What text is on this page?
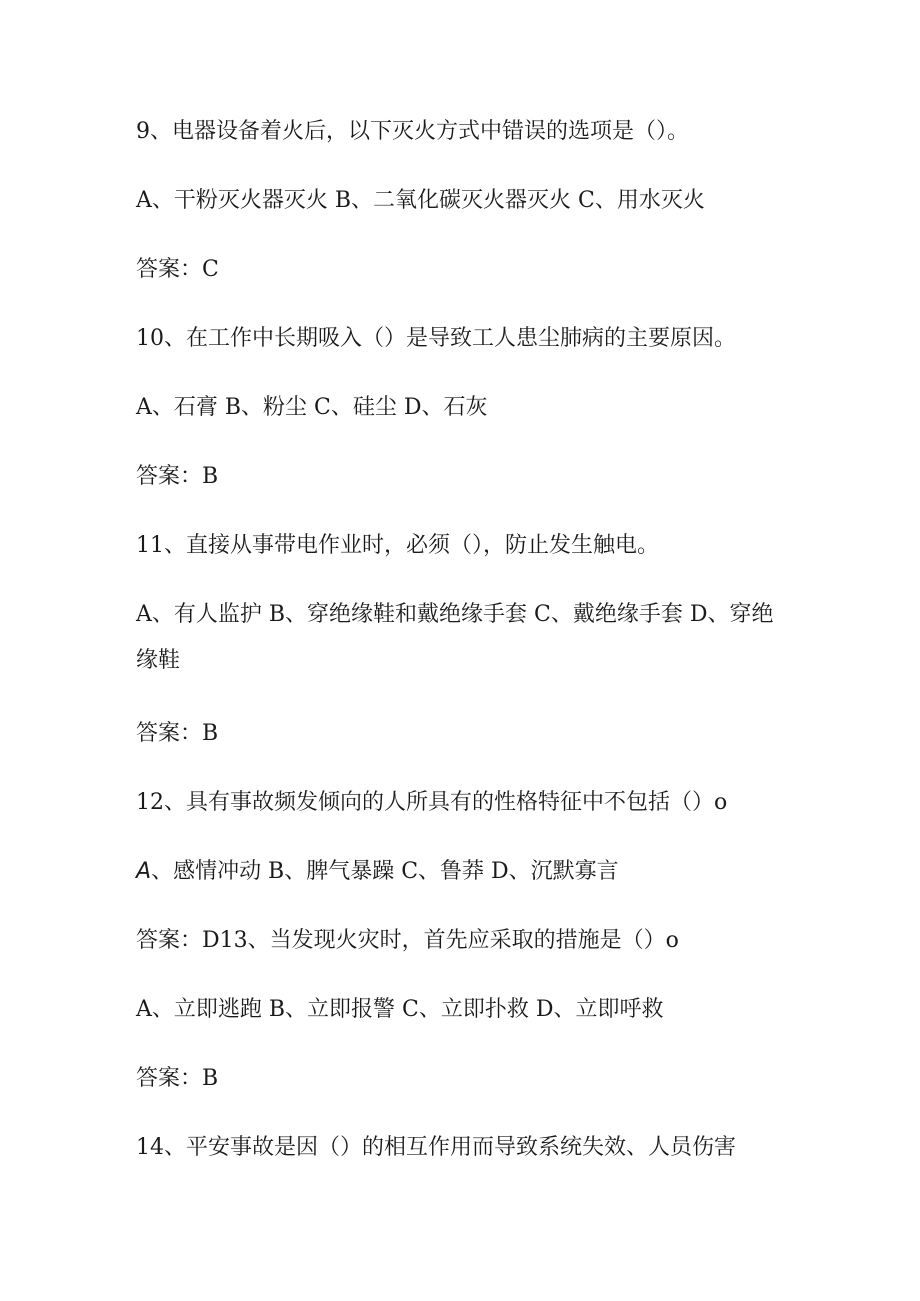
9、电器设备着火后，以下灭火方式中错误的选项是（）。
A、干粉灭火器灭火 B、二氧化碳灭火器灭火 C、用水灭火
答案：C
10、在工作中长期吸入（）是导致工人患尘肺病的主要原因。
A、石膏 B、粉尘 C、硅尘 D、石灰
答案：B
11、直接从事带电作业时，必须（），防止发生触电。
A、有人监护 B、穿绝缘鞋和戴绝缘手套 C、戴绝缘手套 D、穿绝缘鞋
答案：B
12、具有事故频发倾向的人所具有的性格特征中不包括（）o
A、感情冲动 B、脾气暴躁 C、鲁莽 D、沉默寡言
答案：D13、当发现火灾时，首先应采取的措施是（）o
A、立即逃跑 B、立即报警 C、立即扑救 D、立即呼救
答案：B
14、平安事故是因（）的相互作用而导致系统失效、人员伤害
